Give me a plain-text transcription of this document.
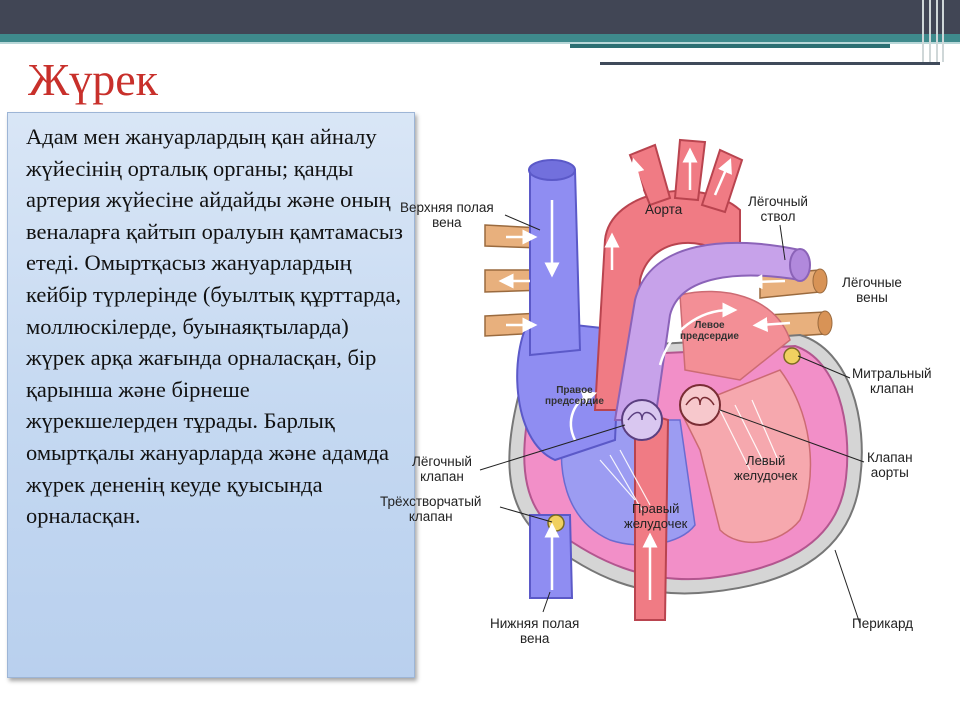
Жүрек

Адам мен жануарлардың қан айналу жүйесінің орталық органы; қанды артерия жүйесіне айдайды және оның веналарға қайтып оралуын қамтамасыз етеді. Омыртқасыз жануарлардың кейбір түрлерінде (буылтық құрттарда, моллюскілерде, буынаяқтыларда) жүрек арқа жағында орналасқан, бір қарынша және бірнеше жүрекшелерден тұрады. Барлық омыртқалы жануарларда және адамда жүрек дененің кеуде қуысында орналасқан.

Верхняя полая
вена
Аорта
Лёгочный
ствол
Лёгочные
вены
Митральный
клапан
Лёгочный
клапан
Клапан
аорты
Трёхстворчатый
клапан
Нижняя полая
вена
Перикард
Левое
предсердие
Правое
предсердие
Левый
желудочек
Правый
желудочек
